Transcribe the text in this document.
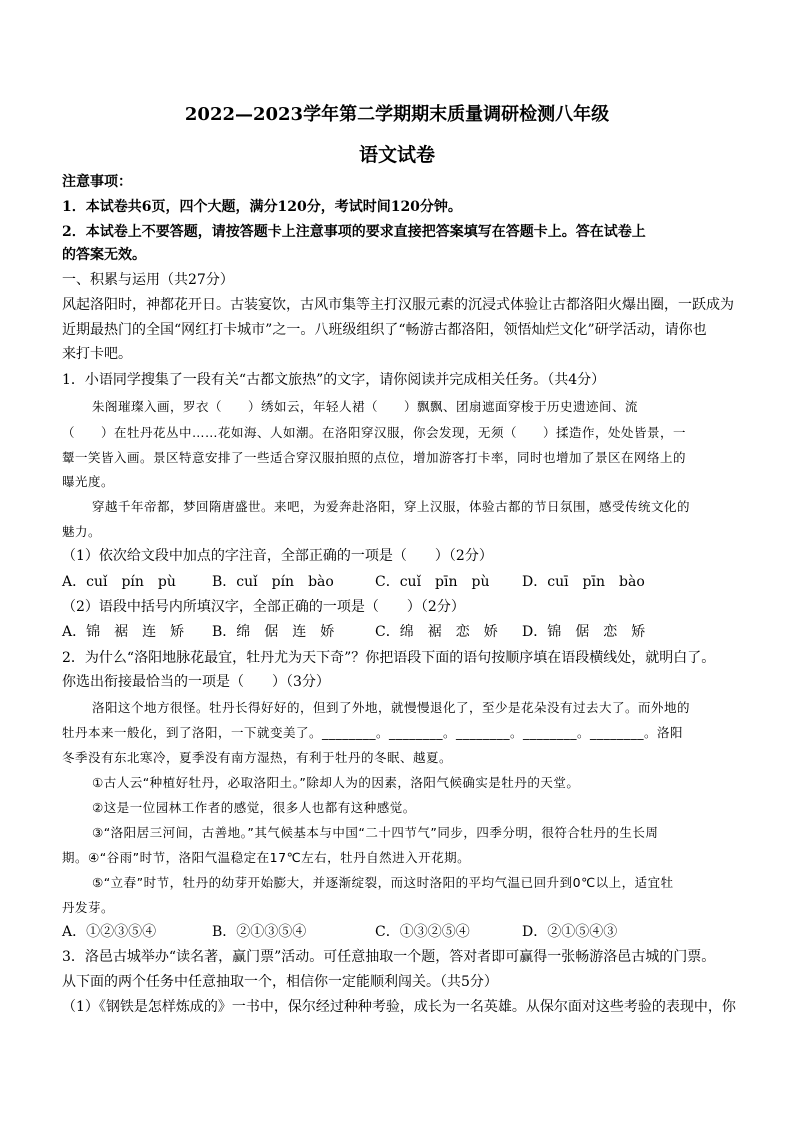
2022—2023学年第二学期期末质量调研检测八年级
语文试卷
注意事项：
1．本试卷共6页，四个大题，满分120分，考试时间120分钟。
2．本试卷上不要答题，请按答题卡上注意事项的要求直接把答案填写在答题卡上。答在试卷上
的答案无效。
一、积累与运用（共27分）
风起洛阳时，神都花开日。古装宴饮，古风市集等主打汉服元素的沉浸式体验让古都洛阳火爆出圈，一跃成为
近期最热门的全国“网红打卡城市”之一。八班级组织了“畅游古都洛阳，领悟灿烂文化”研学活动，请你也
来打卡吧。
1．小语同学搜集了一段有关“古都文旅热”的文字，请你阅读并完成相关任务。（共4分）
朱阁璀璨入画，罗衣（　　）绣如云，年轻人裙（　　）飘飘、团扇遮面穿梭于历史遗迹间、流
（　　）在牡丹花丛中……花如海、人如潮。在洛阳穿汉服，你会发现，无须（　　）揉造作，处处皆景，一
颦一笑皆入画。景区特意安排了一些适合穿汉服拍照的点位，增加游客打卡率，同时也增加了景区在网络上的
曝光度。
穿越千年帝都，梦回隋唐盛世。来吧，为爱奔赴洛阳，穿上汉服，体验古都的节日氛围，感受传统文化的
魅力。
（1）依次给文段中加点的字注音，全部正确的一项是（　　）（2分）
A．cuǐ　pín　pù	B．cuǐ　pín　bào	C．cuǐ　pīn　pù D．cuī　pīn　bào
（2）语段中括号内所填汉字，全部正确的一项是（　　）（2分）
A．锦　裾　连　矫 B．绵　倨　连　娇	C．绵　裾　恋　娇 D．锦　倨　恋　矫
2．为什么“洛阳地脉花最宜，牡丹尤为天下奇”？你把语段下面的语句按顺序填在语段横线处，就明白了。
你选出衔接最恰当的一项是（　　）（3分）
洛阳这个地方很怪。牡丹长得好好的，但到了外地，就慢慢退化了，至少是花朵没有过去大了。而外地的
牡丹本来一般化，到了洛阳，一下就变美了。________。________。________。________。________。洛阳
冬季没有东北寒冷，夏季没有南方湿热，有利于牡丹的冬眠、越夏。
①古人云“种植好牡丹，必取洛阳土。”除却人为的因素，洛阳气候确实是牡丹的天堂。
②这是一位园林工作者的感觉，很多人也都有这种感觉。
③“洛阳居三河间，古善地。”其气候基本与中国“二十四节气”同步，四季分明，很符合牡丹的生长周
期。④“谷雨”时节，洛阳气温稳定在17℃左右，牡丹自然进入开花期。
⑤“立春”时节，牡丹的幼芽开始膨大，并逐渐绽裂，而这时洛阳的平均气温已回升到0℃以上，适宜牡
丹发芽。
A．①②③⑤④	B．②①③⑤④	C．①③②⑤④	D．②①⑤④③
3．洛邑古城举办“读名著，赢门票”活动。可任意抽取一个题，答对者即可赢得一张畅游洛邑古城的门票。
从下面的两个任务中任意抽取一个，相信你一定能顺利闯关。（共5分）
（1）《钢铁是怎样炼成的》一书中，保尔经过种种考验，成长为一名英雄。从保尔面对这些考验的表现中，你
